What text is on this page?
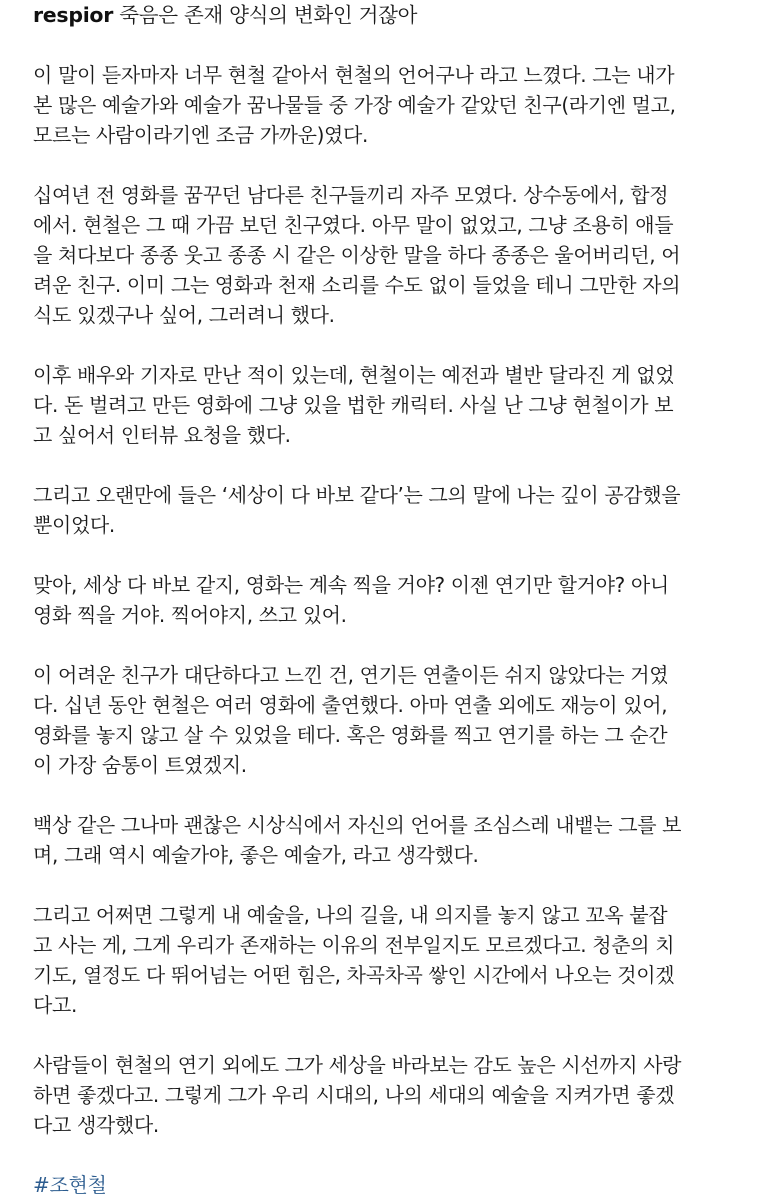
respior 죽음은 존재 양식의 변화인 거잖아

이 말이 듣자마자 너무 현철 같아서 현철의 언어구나 라고 느꼈다. 그는 내가
본 많은 예술가와 예술가 꿈나물들 중 가장 예술가 같았던 친구(라기엔 멀고,
모르는 사람이라기엔 조금 가까운)였다.

십여년 전 영화를 꿈꾸던 남다른 친구들끼리 자주 모였다. 상수동에서, 합정
에서. 현철은 그 때 가끔 보던 친구였다. 아무 말이 없었고, 그냥 조용히 애들
을 쳐다보다 종종 웃고 종종 시 같은 이상한 말을 하다 종종은 울어버리던, 어
려운 친구. 이미 그는 영화과 천재 소리를 수도 없이 들었을 테니 그만한 자의
식도 있겠구나 싶어, 그러려니 했다.

이후 배우와 기자로 만난 적이 있는데, 현철이는 예전과 별반 달라진 게 없었
다. 돈 벌려고 만든 영화에 그냥 있을 법한 캐릭터. 사실 난 그냥 현철이가 보
고 싶어서 인터뷰 요청을 했다.

그리고 오랜만에 들은 ‘세상이 다 바보 같다’는 그의 말에 나는 깊이 공감했을
뿐이었다.

맞아, 세상 다 바보 같지, 영화는 계속 찍을 거야? 이젠 연기만 할거야? 아니
영화 찍을 거야. 찍어야지, 쓰고 있어.

이 어려운 친구가 대단하다고 느낀 건, 연기든 연출이든 쉬지 않았다는 거였
다. 십년 동안 현철은 여러 영화에 출연했다. 아마 연출 외에도 재능이 있어,
영화를 놓지 않고 살 수 있었을 테다. 혹은 영화를 찍고 연기를 하는 그 순간
이 가장 숨통이 트였겠지.

백상 같은 그나마 괜찮은 시상식에서 자신의 언어를 조심스레 내뱉는 그를 보
며, 그래 역시 예술가야, 좋은 예술가, 라고 생각했다.

그리고 어쩌면 그렇게 내 예술을, 나의 길을, 내 의지를 놓지 않고 꼬옥 붙잡
고 사는 게, 그게 우리가 존재하는 이유의 전부일지도 모르겠다고. 청춘의 치
기도, 열정도 다 뛰어넘는 어떤 힘은, 차곡차곡 쌓인 시간에서 나오는 것이겠
다고.

사람들이 현철의 연기 외에도 그가 세상을 바라보는 감도 높은 시선까지 사랑
하면 좋겠다고. 그렇게 그가 우리 시대의, 나의 세대의 예술을 지켜가면 좋겠
다고 생각했다.

#조현철
